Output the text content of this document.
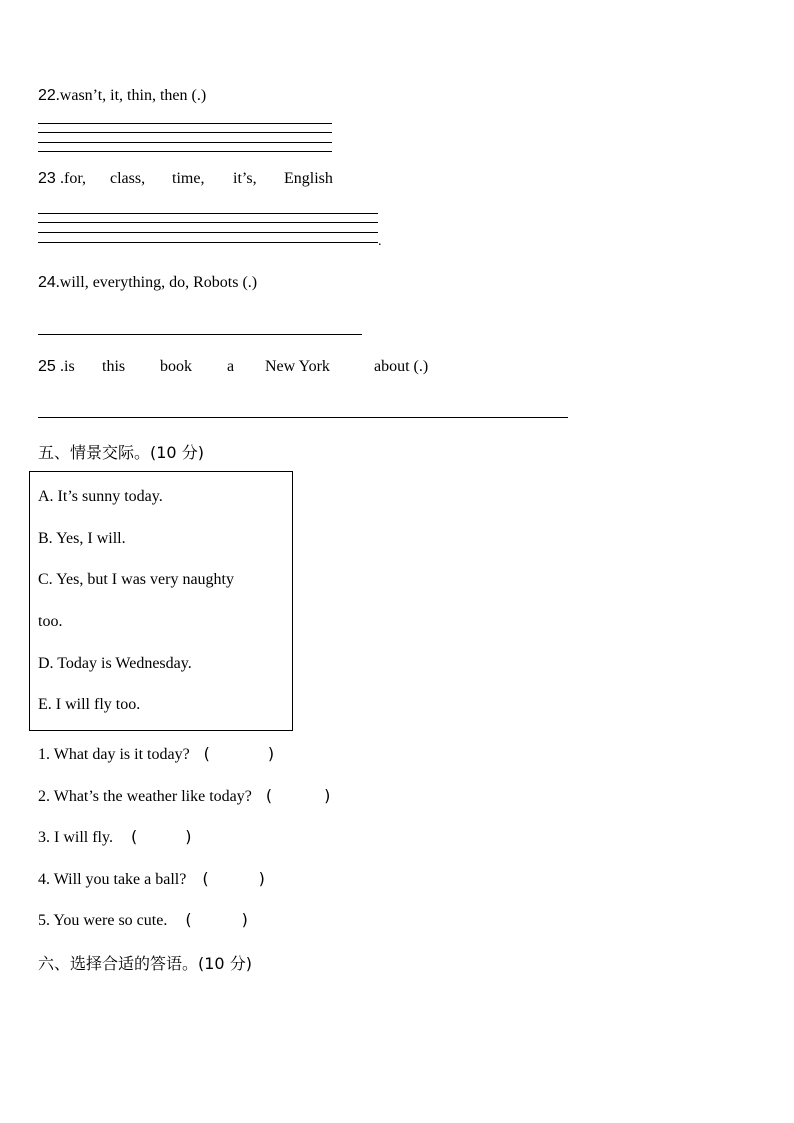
22.wasn’t, it, thin, then (.)
23 .for, class, time, it’s, English
.
24.will, everything, do, Robots (.)
25 .is this book a New York	about (.)
五、情景交际。(10 分)
A. It’s sunny today.
B. Yes, I will.
C. Yes, but I was very naughty
too.
D. Today is Wednesday.
E. I will fly too.
1. What day is it today? (	)
2. What’s the weather like today? (	)
3. I will fly. (	)
4. Will you take a ball? (	)
5. You were so cute. (	)
六、选择合适的答语。(10 分)
